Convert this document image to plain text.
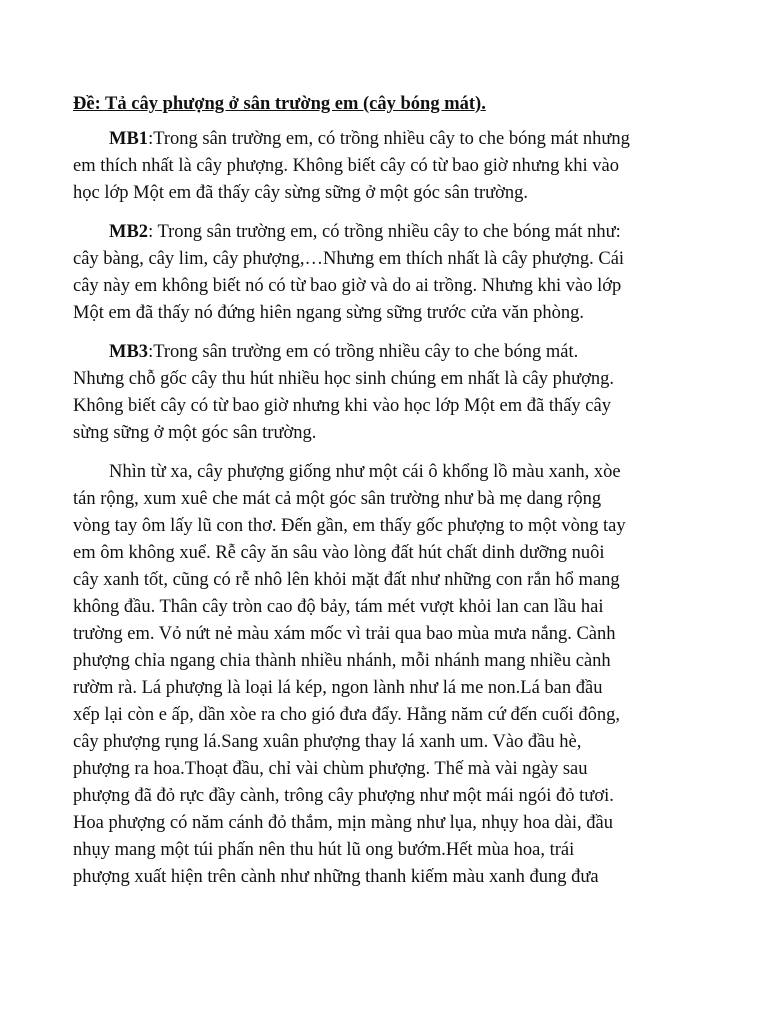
Đề: Tả cây phượng ở sân trường em (cây bóng mát).
MB1:Trong sân trường em, có trồng nhiều cây to che bóng mát nhưng
em thích nhất là cây phượng. Không biết cây có từ bao giờ nhưng khi vào
học lớp Một em đã thấy cây sừng sững ở một góc sân trường.
MB2: Trong sân trường em, có trồng nhiều cây to che bóng mát như:
cây bàng, cây lim, cây phượng,…Nhưng em thích nhất là cây phượng. Cái
cây này em không biết nó có từ bao giờ và do ai trồng. Nhưng khi vào lớp
Một em đã thấy nó đứng hiên ngang sừng sững trước cửa văn phòng.
MB3:Trong sân trường em có trồng nhiều cây to che bóng mát.
Nhưng chỗ gốc cây thu hút nhiều học sinh chúng em nhất là cây phượng.
Không biết cây có từ bao giờ nhưng khi vào học lớp Một em đã thấy cây
sừng sững ở một góc sân trường.
Nhìn từ xa, cây phượng giống như một cái ô khổng lồ màu xanh, xòe
tán rộng, xum xuê che mát cả một góc sân trường như bà mẹ dang rộng
vòng tay ôm lấy lũ con thơ. Đến gần, em thấy gốc phượng to một vòng tay
em ôm không xuể. Rễ cây ăn sâu vào lòng đất hút chất dinh dưỡng nuôi
cây xanh tốt, cũng có rễ nhô lên khỏi mặt đất như những con rắn hổ mang
không đầu. Thân cây tròn cao độ bảy, tám mét vượt khỏi lan can lầu hai
trường em. Vỏ nứt nẻ màu xám mốc vì trải qua bao mùa mưa nắng. Cành
phượng chỉa ngang chia thành nhiều nhánh, mỗi nhánh mang nhiều cành
rườm rà. Lá phượng là loại lá kép, ngon lành như lá me non.Lá ban đầu
xếp lại còn e ấp, dần xòe ra cho gió đưa đẩy. Hằng năm cứ đến cuối đông,
cây phượng rụng lá.Sang xuân phượng thay lá xanh um. Vào đầu hè,
phượng ra hoa.Thoạt đầu, chỉ vài chùm phượng. Thế mà vài ngày sau
phượng đã đỏ rực đầy cành, trông cây phượng như một mái ngói đỏ tươi.
Hoa phượng có năm cánh đỏ thắm, mịn màng như lụa, nhụy hoa dài, đầu
nhụy mang một túi phấn nên thu hút lũ ong bướm.Hết mùa hoa, trái
phượng xuất hiện trên cành như những thanh kiếm màu xanh đung đưa
